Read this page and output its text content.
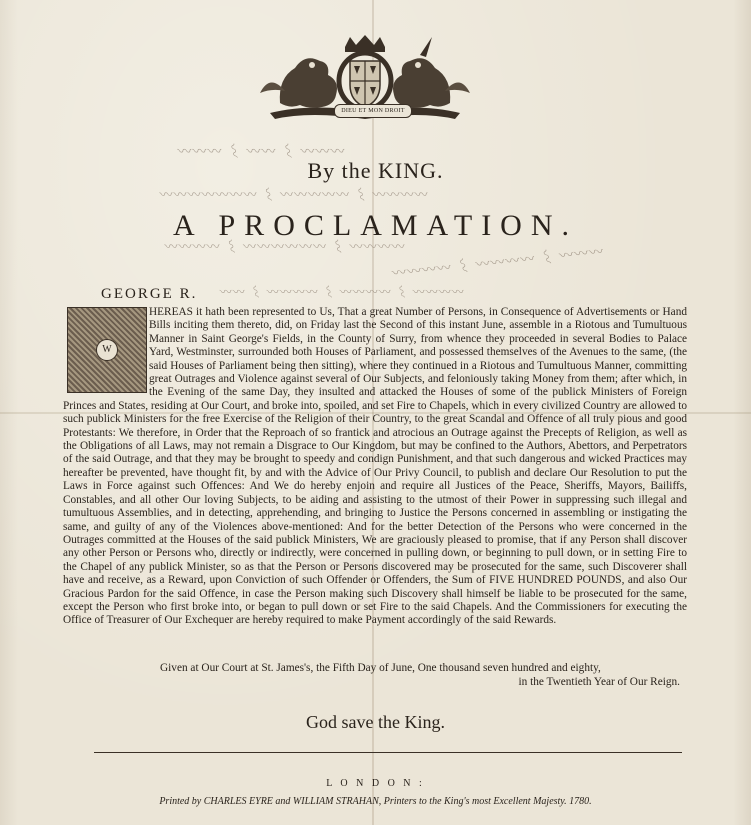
DIEU ET MON DROIT
〰〰〰 ⌇ 〰〰 ⌇ 〰〰〰
〰〰〰〰 ⌇ 〰〰〰〰〰 ⌇ 〰〰〰〰〰〰〰
〰〰〰〰 ⌇ 〰〰〰〰〰〰 ⌇ 〰〰〰〰
〰〰〰 ⌇ 〰〰〰〰 ⌇ 〰〰〰〰
〰〰〰〰 ⌇ 〰〰〰〰 ⌇ 〰〰〰〰 ⌇ 〰〰
By the KING.
A PROCLAMATION.
GEORGE R.
HEREAS it hath been represented to Us, That a great Number of Persons, in Consequence of Advertisements or Hand Bills inciting them thereto, did, on Friday last the Second of this instant June, assemble in a Riotous and Tumultuous Manner in Saint George's Fields, in the County of Surry, from whence they proceeded in several Bodies to Palace Yard, Westminster, surrounded both Houses of Parliament, and possessed themselves of the Avenues to the same, (the said Houses of Parliament being then sitting), where they continued in a Riotous and Tumultuous Manner, committing great Outrages and Violence against several of Our Subjects, and feloniously taking Money from them; after which, in the Evening of the same Day, they insulted and attacked the Houses of some of the publick Ministers of Foreign Princes and States, residing at Our Court, and broke into, spoiled, and set Fire to Chapels, which in every civilized Country are allowed to such publick Ministers for the free Exercise of the Religion of their Country, to the great Scandal and Offence of all truly pious and good Protestants: We therefore, in Order that the Reproach of so frantick and atrocious an Outrage against the Precepts of Religion, as well as the Obligations of all Laws, may not remain a Disgrace to Our Kingdom, but may be confined to the Authors, Abettors, and Perpetrators of the said Outrage, and that they may be brought to speedy and condign Punishment, and that such dangerous and wicked Practices may hereafter be prevented, have thought fit, by and with the Advice of Our Privy Council, to publish and declare Our Resolution to put the Laws in Force against such Offences: And We do hereby enjoin and require all Justices of the Peace, Sheriffs, Mayors, Bailiffs, Constables, and all other Our loving Subjects, to be aiding and assisting to the utmost of their Power in suppressing such illegal and tumultuous Assemblies, and in detecting, apprehending, and bringing to Justice the Persons concerned in assembling or instigating the same, and guilty of any of the Violences above-mentioned: And for the better Detection of the Persons who were concerned in the Outrages committed at the Houses of the said publick Ministers, We are graciously pleased to promise, that if any Person shall discover any other Person or Persons who, directly or indirectly, were concerned in pulling down, or beginning to pull down, or in setting Fire to the Chapel of any publick Minister, so as that the Person or Persons discovered may be prosecuted for the same, such Discoverer shall have and receive, as a Reward, upon Conviction of such Offender or Offenders, the Sum of FIVE HUNDRED POUNDS, and also Our Gracious Pardon for the said Offence, in case the Person making such Discovery shall himself be liable to be prosecuted for the same, except the Person who first broke into, or began to pull down or set Fire to the said Chapels. And the Commissioners for executing the Office of Treasurer of Our Exchequer are hereby required to make Payment accordingly of the said Rewards.
W
Given at Our Court at St. James's, the Fifth Day of June, One thousand seven hundred and eighty,
in the Twentieth Year of Our Reign.
God save the King.
L O N D O N :
Printed by CHARLES EYRE and WILLIAM STRAHAN, Printers to the King's most Excellent Majesty. 1780.
